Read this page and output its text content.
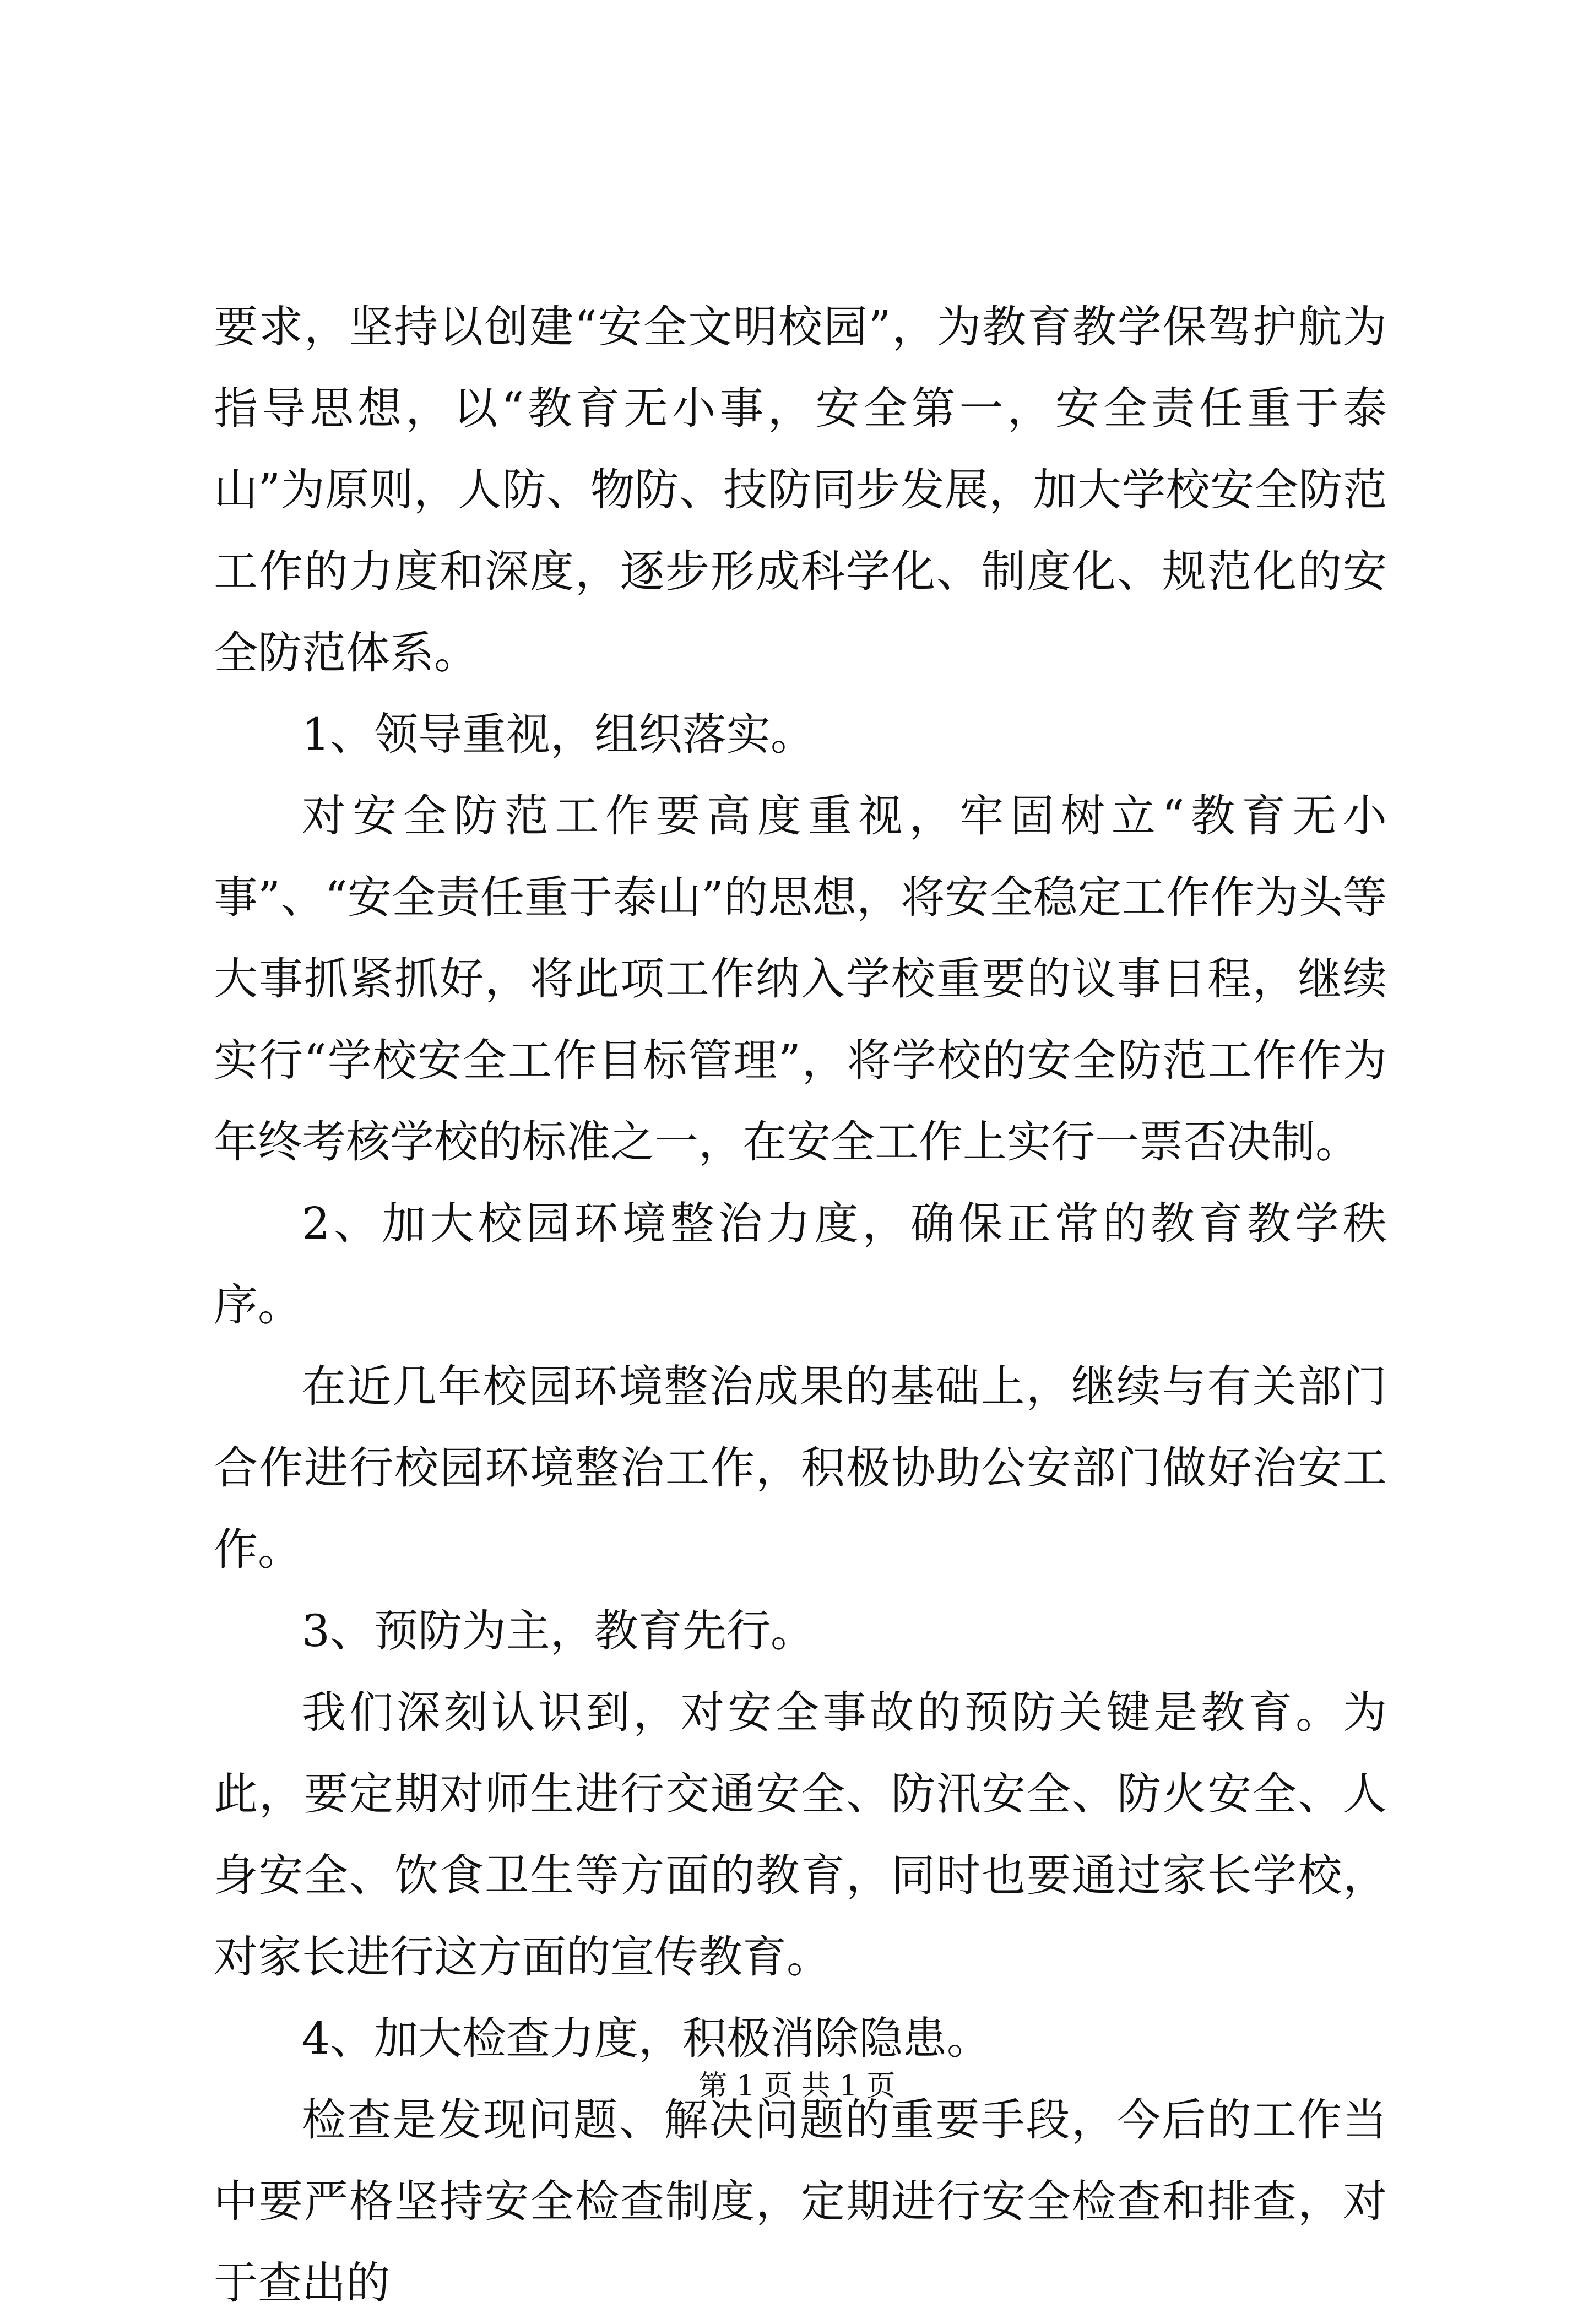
要求，坚持以创建“安全文明校园”，为教育教学保驾护航为指导思想，以“教育无小事，安全第一，安全责任重于泰山”为原则，人防、物防、技防同步发展，加大学校安全防范工作的力度和深度，逐步形成科学化、制度化、规范化的安全防范体系。

1、领导重视，组织落实。

对安全防范工作要高度重视，牢固树立“教育无小事”、“安全责任重于泰山”的思想，将安全稳定工作作为头等大事抓紧抓好，将此项工作纳入学校重要的议事日程，继续实行“学校安全工作目标管理”，将学校的安全防范工作作为年终考核学校的标准之一，在安全工作上实行一票否决制。

2、加大校园环境整治力度，确保正常的教育教学秩序。

在近几年校园环境整治成果的基础上，继续与有关部门合作进行校园环境整治工作，积极协助公安部门做好治安工作。

3、预防为主，教育先行。

我们深刻认识到，对安全事故的预防关键是教育。为此，要定期对师生进行交通安全、防汛安全、防火安全、人身安全、饮食卫生等方面的教育，同时也要通过家长学校，对家长进行这方面的宣传教育。

4、加大检查力度，积极消除隐患。

检查是发现问题、解决问题的重要手段，今后的工作当中要严格坚持安全检查制度，定期进行安全检查和排查，对于查出的

第 1 页 共 1 页
